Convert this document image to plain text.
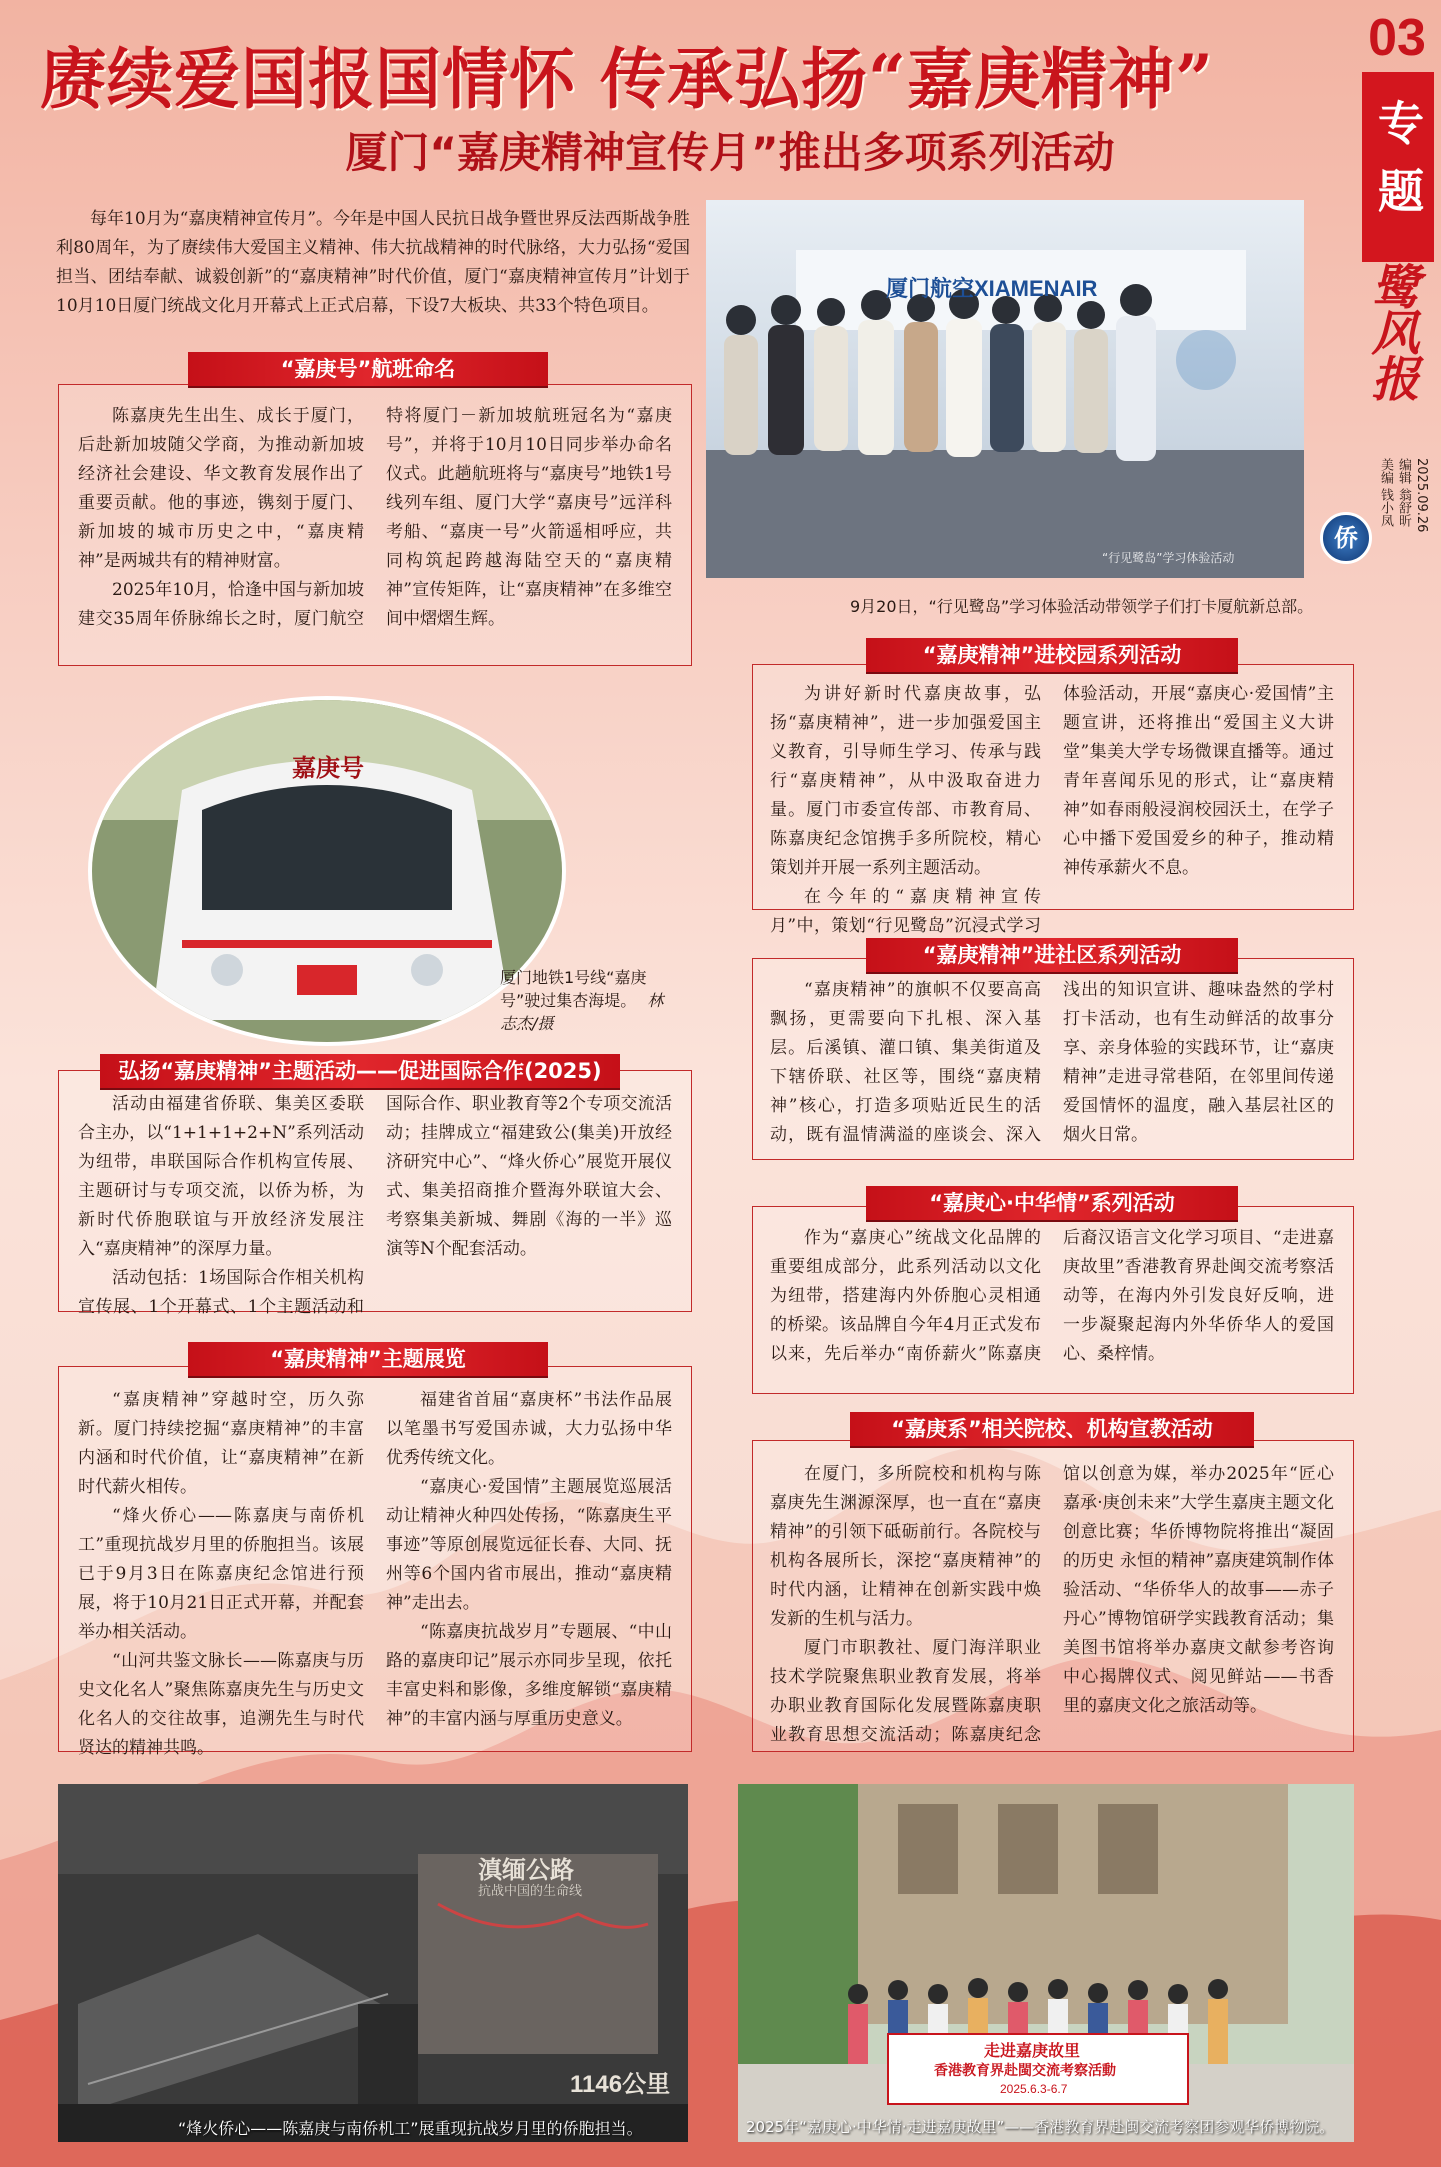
赓续爱国报国情怀 传承弘扬“嘉庚精神”
厦门“嘉庚精神宣传月”推出多项系列活动
03
专题
鹭风报
2025.09.26
编辑 翁舒昕
美编 钱小凤
侨

每年10月为“嘉庚精神宣传月”。今年是中国人民抗日战争暨世界反法西斯战争胜利80周年，为了赓续伟大爱国主义精神、伟大抗战精神的时代脉络，大力弘扬“爱国担当、团结奉献、诚毅创新”的“嘉庚精神”时代价值，厦门“嘉庚精神宣传月”计划于10月10日厦门统战文化月开幕式上正式启幕，下设7大板块、共33个特色项目。

“行见鹭岛”学习体验活动
厦门航空XIAMENAIR
9月20日，“行见鹭岛”学习体验活动带领学子们打卡厦航新总部。
“嘉庚号”航班命名

陈嘉庚先生出生、成长于厦门，后赴新加坡随父学商，为推动新加坡经济社会建设、华文教育发展作出了重要贡献。他的事迹，镌刻于厦门、新加坡的城市历史之中，“嘉庚精神”是两城共有的精神财富。

2025年10月，恰逢中国与新加坡建交35周年侨脉绵长之时，厦门航空特将厦门－新加坡航班冠名为“嘉庚号”，并将于10月10日同步举办命名仪式。此趟航班将与“嘉庚号”地铁1号线列车组、厦门大学“嘉庚号”远洋科考船、“嘉庚一号”火箭遥相呼应，共同构筑起跨越海陆空天的“嘉庚精神”宣传矩阵，让“嘉庚精神”在多维空间中熠熠生辉。

嘉庚号
厦门地铁1号线“嘉庚号”驶过集杏海堤。 林志杰/摄
“嘉庚精神”进校园系列活动

为讲好新时代嘉庚故事，弘扬“嘉庚精神”，进一步加强爱国主义教育，引导师生学习、传承与践行“嘉庚精神”，从中汲取奋进力量。厦门市委宣传部、市教育局、陈嘉庚纪念馆携手多所院校，精心策划并开展一系列主题活动。

在今年的“嘉庚精神宣传月”中，策划“行见鹭岛”沉浸式学习体验活动，开展“嘉庚心·爱国情”主题宣讲，还将推出“爱国主义大讲堂”集美大学专场微课直播等。通过青年喜闻乐见的形式，让“嘉庚精神”如春雨般浸润校园沃土，在学子心中播下爱国爱乡的种子，推动精神传承薪火不息。

“嘉庚精神”进社区系列活动

“嘉庚精神”的旗帜不仅要高高飘扬，更需要向下扎根、深入基层。后溪镇、灌口镇、集美街道及下辖侨联、社区等，围绕“嘉庚精神”核心，打造多项贴近民生的活动，既有温情满溢的座谈会、深入浅出的知识宣讲、趣味盎然的学村打卡活动，也有生动鲜活的故事分享、亲身体验的实践环节，让“嘉庚精神”走进寻常巷陌，在邻里间传递爱国情怀的温度，融入基层社区的烟火日常。

弘扬“嘉庚精神”主题活动——促进国际合作(2025)

活动由福建省侨联、集美区委联合主办，以“1+1+1+2+N”系列活动为纽带，串联国际合作机构宣传展、主题研讨与专项交流，以侨为桥，为新时代侨胞联谊与开放经济发展注入“嘉庚精神”的深厚力量。

活动包括：1场国际合作相关机构宣传展、1个开幕式、1个主题活动和国际合作、职业教育等2个专项交流活动；挂牌成立“福建致公(集美)开放经济研究中心”、“烽火侨心”展览开展仪式、集美招商推介暨海外联谊大会、考察集美新城、舞剧《海的一半》巡演等N个配套活动。

“嘉庚心·中华情”系列活动

作为“嘉庚心”统战文化品牌的重要组成部分，此系列活动以文化为纽带，搭建海内外侨胞心灵相通的桥梁。该品牌自今年4月正式发布以来，先后举办“南侨薪火”陈嘉庚后裔汉语言文化学习项目、“走进嘉庚故里”香港教育界赴闽交流考察活动等，在海内外引发良好反响，进一步凝聚起海内外华侨华人的爱国心、桑梓情。

“嘉庚精神”主题展览

“嘉庚精神”穿越时空，历久弥新。厦门持续挖掘“嘉庚精神”的丰富内涵和时代价值，让“嘉庚精神”在新时代薪火相传。

“烽火侨心——陈嘉庚与南侨机工”重现抗战岁月里的侨胞担当。该展已于9月3日在陈嘉庚纪念馆进行预展，将于10月21日正式开幕，并配套举办相关活动。

“山河共鉴文脉长——陈嘉庚与历史文化名人”聚焦陈嘉庚先生与历史文化名人的交往故事，追溯先生与时代贤达的精神共鸣。

福建省首届“嘉庚杯”书法作品展以笔墨书写爱国赤诚，大力弘扬中华优秀传统文化。

“嘉庚心·爱国情”主题展览巡展活动让精神火种四处传扬，“陈嘉庚生平事迹”等原创展览远征长春、大同、抚州等6个国内省市展出，推动“嘉庚精神”走出去。

“陈嘉庚抗战岁月”专题展、“中山路的嘉庚印记”展示亦同步呈现，依托丰富史料和影像，多维度解锁“嘉庚精神”的丰富内涵与厚重历史意义。

“嘉庚系”相关院校、机构宣教活动

在厦门，多所院校和机构与陈嘉庚先生渊源深厚，也一直在“嘉庚精神”的引领下砥砺前行。各院校与机构各展所长，深挖“嘉庚精神”的时代内涵，让精神在创新实践中焕发新的生机与活力。

厦门市职教社、厦门海洋职业技术学院聚焦职业教育发展，将举办职业教育国际化发展暨陈嘉庚职业教育思想交流活动；陈嘉庚纪念馆以创意为媒，举办2025年“匠心嘉承·庚创未来”大学生嘉庚主题文化创意比赛；华侨博物院将推出“凝固的历史 永恒的精神”嘉庚建筑制作体验活动、“华侨华人的故事——赤子丹心”博物馆研学实践教育活动；集美图书馆将举办嘉庚文献参考咨询中心揭牌仪式、阅见鲜站——书香里的嘉庚文化之旅活动等。

滇缅公路
抗战中国的生命线
1146公里
“烽火侨心——陈嘉庚与南侨机工”展重现抗战岁月里的侨胞担当。
走进嘉庚故里
香港教育界赴閩交流考察活動
2025.6.3-6.7
2025年“嘉庚心·中华情·走进嘉庚故里”——香港教育界赴闽交流考察团参观华侨博物院。
